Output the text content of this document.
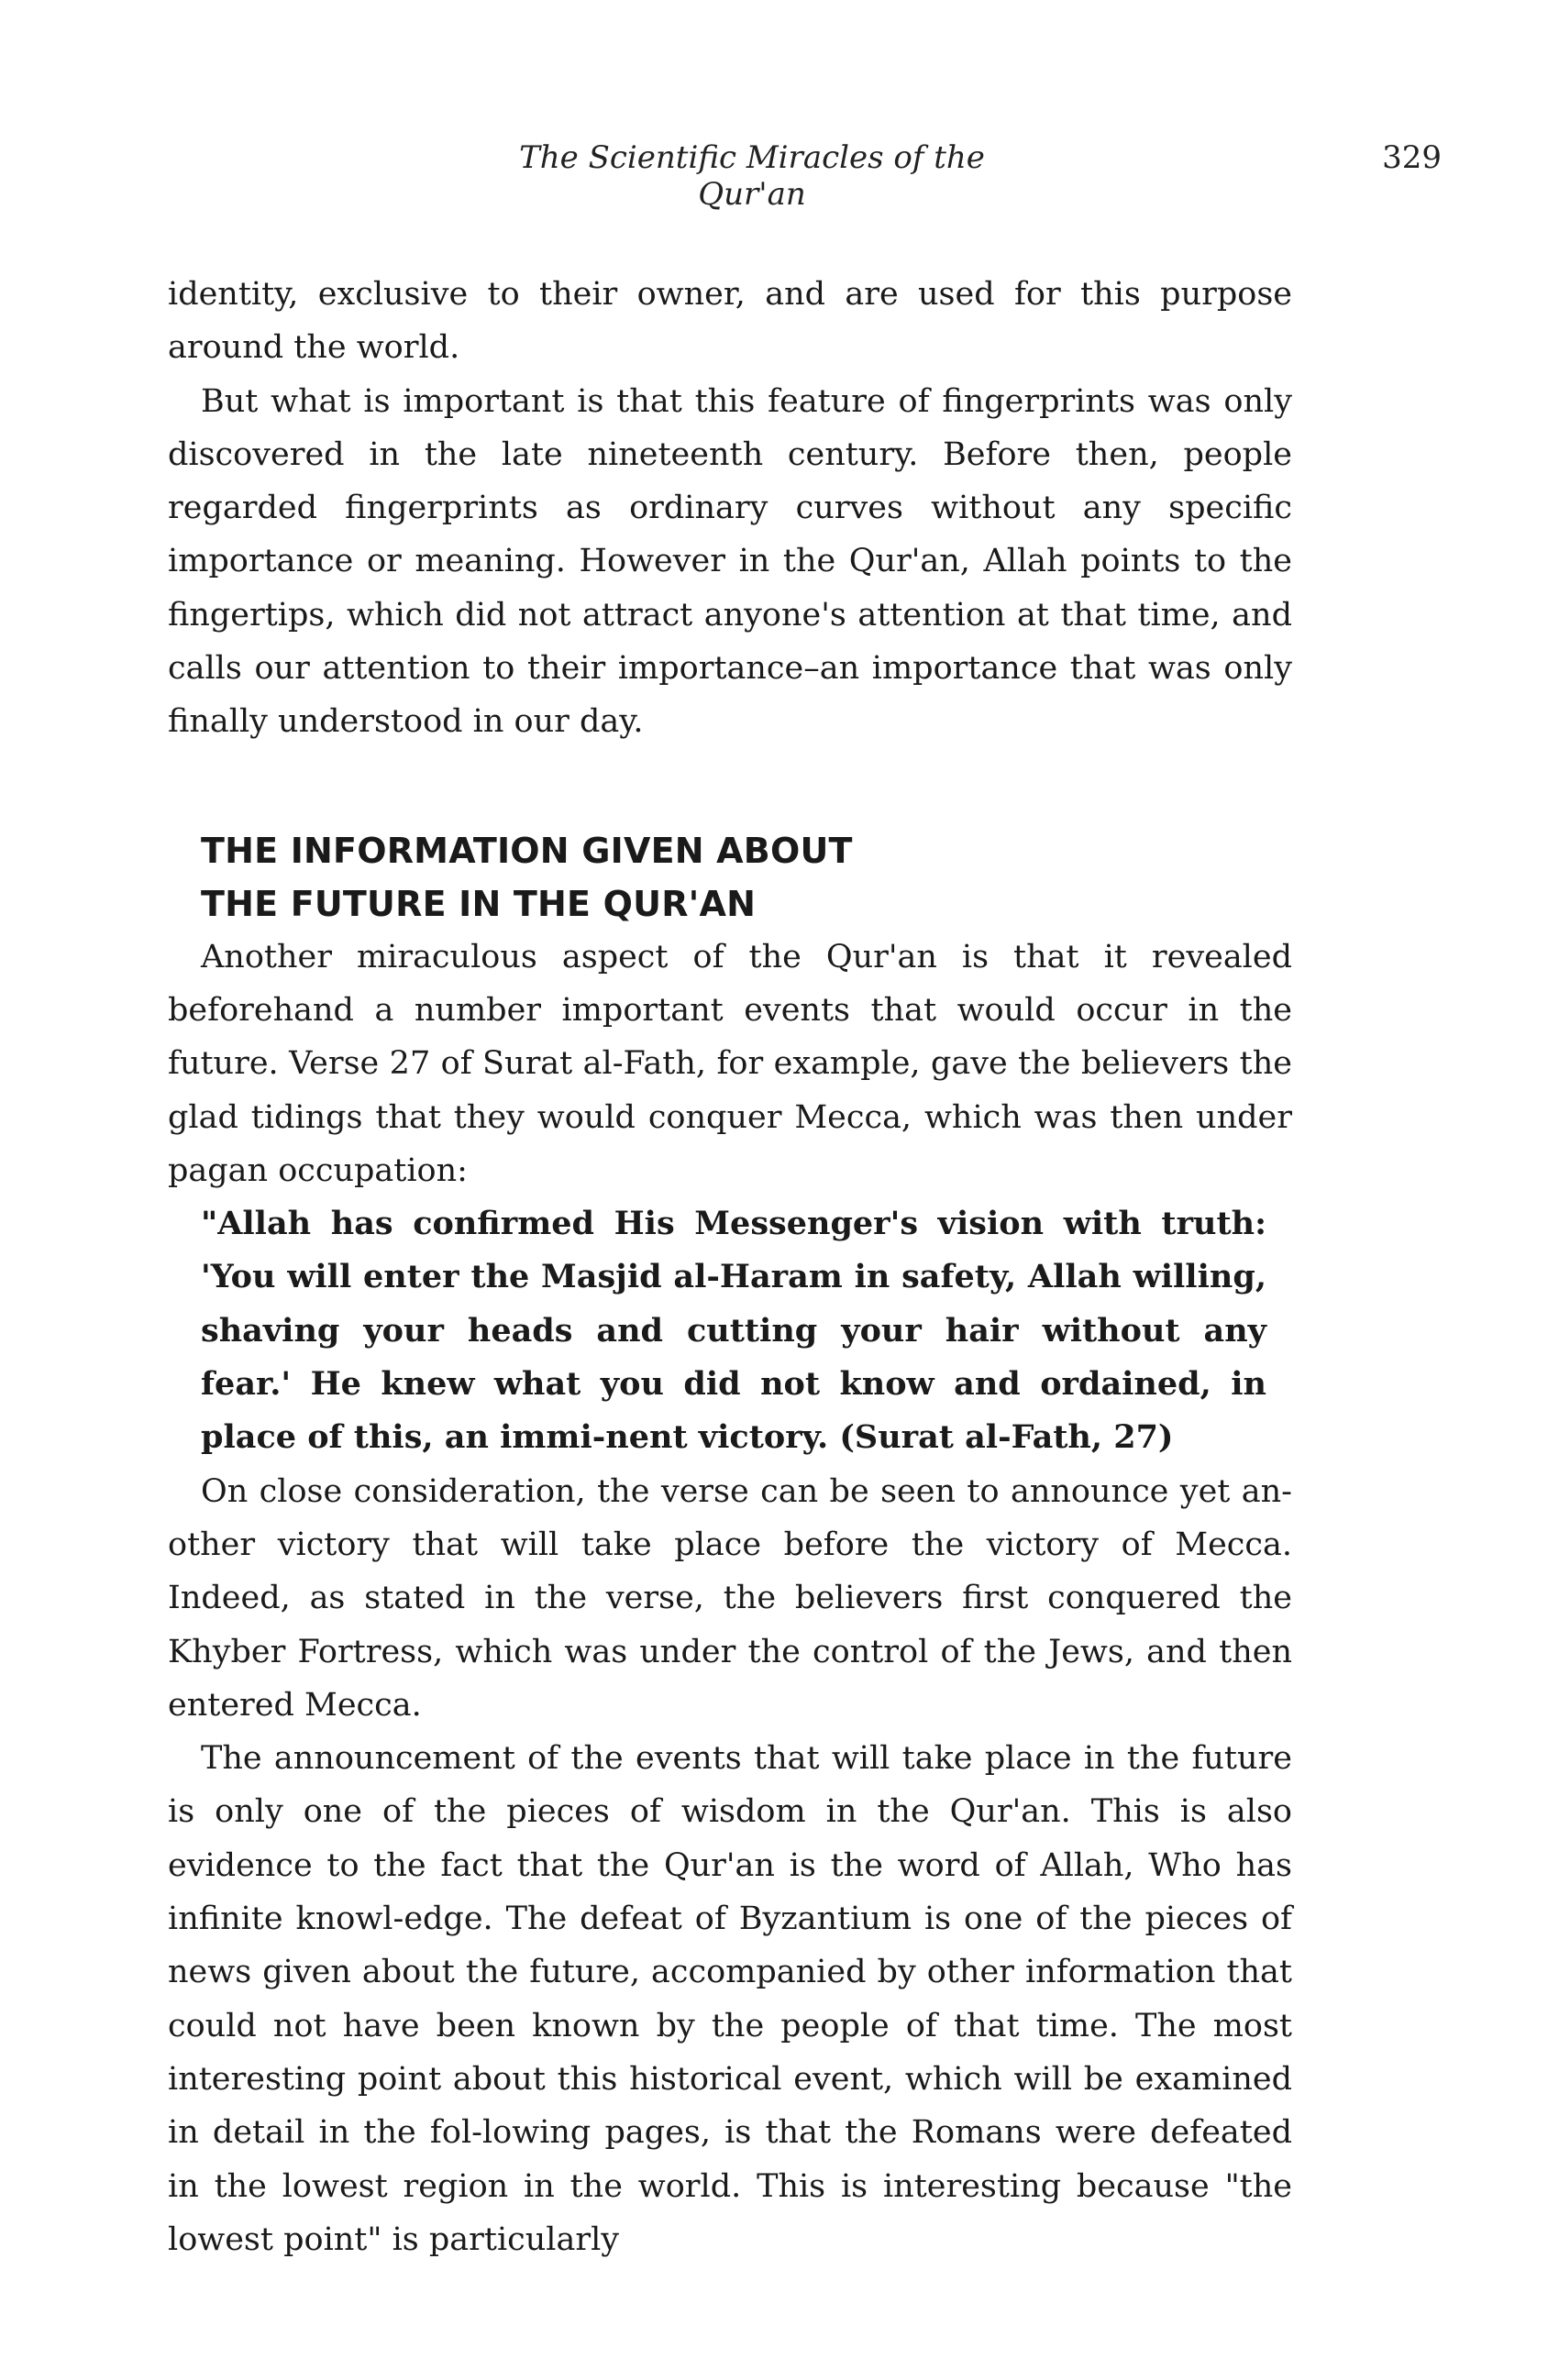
The Scientific Miracles of the Qur'an
329

identity, exclusive to their owner, and are used for this purpose around the world.

But what is important is that this feature of fingerprints was only discovered in the late nineteenth century. Before then, people regarded fingerprints as ordinary curves without any specific importance or meaning. However in the Qur'an, Allah points to the fingertips, which did not attract anyone's attention at that time, and calls our attention to their importance–an importance that was only finally understood in our day.

THE INFORMATION GIVEN ABOUT
THE FUTURE IN THE QUR'AN

Another miraculous aspect of the Qur'an is that it revealed beforehand a number important events that would occur in the future. Verse 27 of Surat al-Fath, for example, gave the believers the glad tidings that they would conquer Mecca, which was then under pagan occupation:

"Allah has confirmed His Messenger's vision with truth: 'You will enter the Masjid al-Haram in safety, Allah willing, shaving your heads and cutting your hair without any fear.' He knew what you did not know and ordained, in place of this, an immi-nent victory. (Surat al-Fath, 27)

On close consideration, the verse can be seen to announce yet an-other victory that will take place before the victory of Mecca. Indeed, as stated in the verse, the believers first conquered the Khyber Fortress, which was under the control of the Jews, and then entered Mecca.

The announcement of the events that will take place in the future is only one of the pieces of wisdom in the Qur'an. This is also evidence to the fact that the Qur'an is the word of Allah, Who has infinite knowl-edge. The defeat of Byzantium is one of the pieces of news given about the future, accompanied by other information that could not have been known by the people of that time. The most interesting point about this historical event, which will be examined in detail in the fol-lowing pages, is that the Romans were defeated in the lowest region in the world. This is interesting because "the lowest point" is particularly
